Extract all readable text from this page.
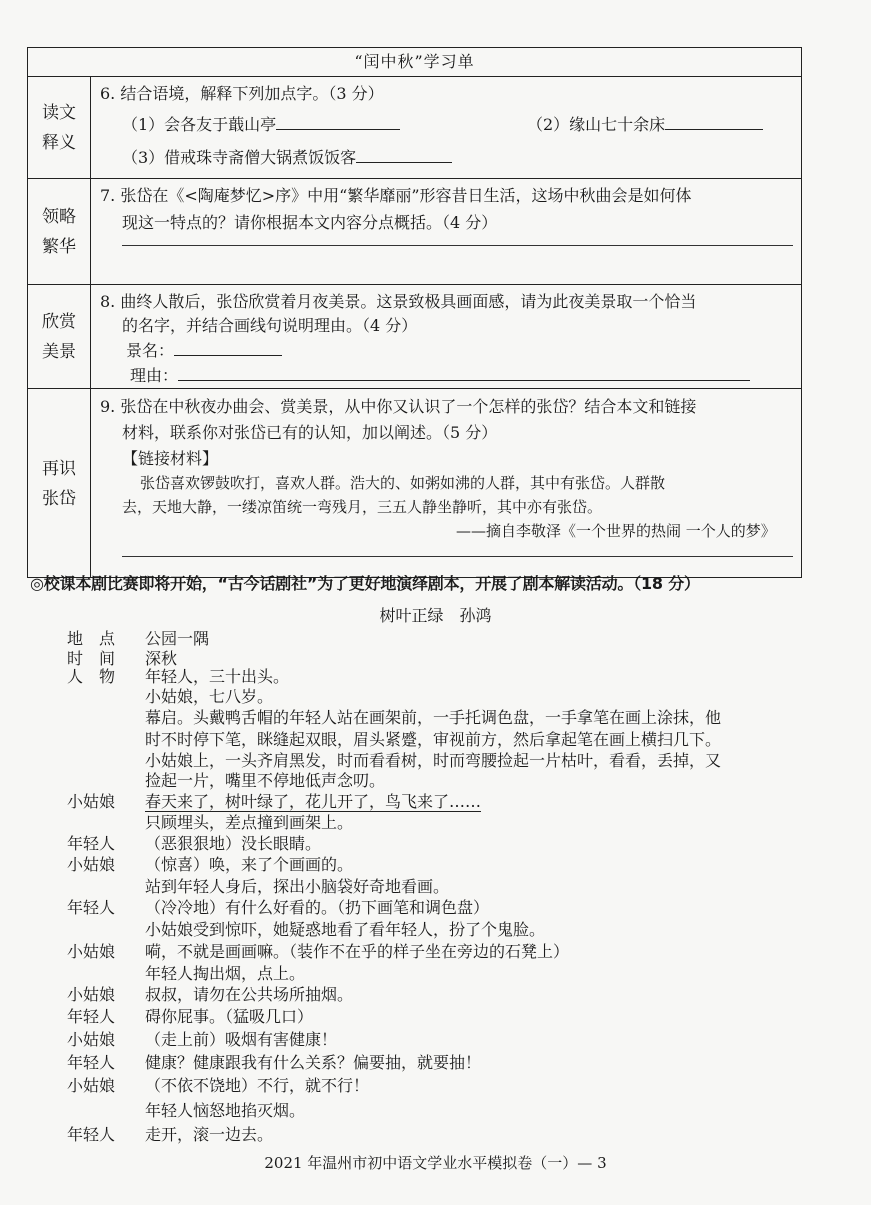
“闰中秋”学习单
读文
释义
6. 结合语境，解释下列加点字。（3 分）
（1）会各友于蕺山亭	（2）缘山七十余床
（3）借戒珠寺斋僧大锅煮饭饭客
领略
繁华
7. 张岱在《<陶庵梦忆>序》中用“繁华靡丽”形容昔日生活，这场中秋曲会是如何体
现这一特点的？请你根据本文内容分点概括。（4 分）
欣赏
美景
8. 曲终人散后，张岱欣赏着月夜美景。这景致极具画面感，请为此夜美景取一个恰当
的名字，并结合画线句说明理由。（4 分）
景名：
理由：
再识
张岱
9. 张岱在中秋夜办曲会、赏美景，从中你又认识了一个怎样的张岱？结合本文和链接
材料，联系你对张岱已有的认知，加以阐述。（5 分）
【链接材料】
张岱喜欢锣鼓吹打，喜欢人群。浩大的、如粥如沸的人群，其中有张岱。人群散
去，天地大静，一缕凉笛统一弯残月，三五人静坐静听，其中亦有张岱。
——摘自李敬泽《一个世界的热闹 一个人的梦》
◎校课本剧比赛即将开始，“古今话剧社”为了更好地演绎剧本，开展了剧本解读活动。（18 分）
树叶正绿　孙鸿
地　点 公园一隅
时　间 深秋
人　物 年轻人，三十出头。
小姑娘，七八岁。
幕启。头戴鸭舌帽的年轻人站在画架前，一手托调色盘，一手拿笔在画上涂抹，他
时不时停下笔，眯缝起双眼，眉头紧蹙，审视前方，然后拿起笔在画上横扫几下。
小姑娘上，一头齐肩黑发，时而看看树，时而弯腰捡起一片枯叶，看看，丢掉，又
捡起一片，嘴里不停地低声念叨。
小姑娘 春天来了，树叶绿了，花儿开了，鸟飞来了……
只顾埋头，差点撞到画架上。
年轻人 （恶狠狠地）没长眼睛。
小姑娘 （惊喜）唤，来了个画画的。
站到年轻人身后，探出小脑袋好奇地看画。
年轻人 （冷冷地）有什么好看的。（扔下画笔和调色盘）
小姑娘受到惊吓，她疑惑地看了看年轻人，扮了个鬼脸。
小姑娘 嗬，不就是画画嘛。（装作不在乎的样子坐在旁边的石凳上）
年轻人掏出烟，点上。
小姑娘 叔叔，请勿在公共场所抽烟。
年轻人 碍你屁事。（猛吸几口）
小姑娘 （走上前）吸烟有害健康！
年轻人 健康？健康跟我有什么关系？偏要抽，就要抽！
小姑娘 （不依不饶地）不行，就不行！
年轻人恼怒地掐灭烟。
2021 年温州市初中语文学业水平模拟卷（一）— 3
年轻人 走开，滚一边去。
